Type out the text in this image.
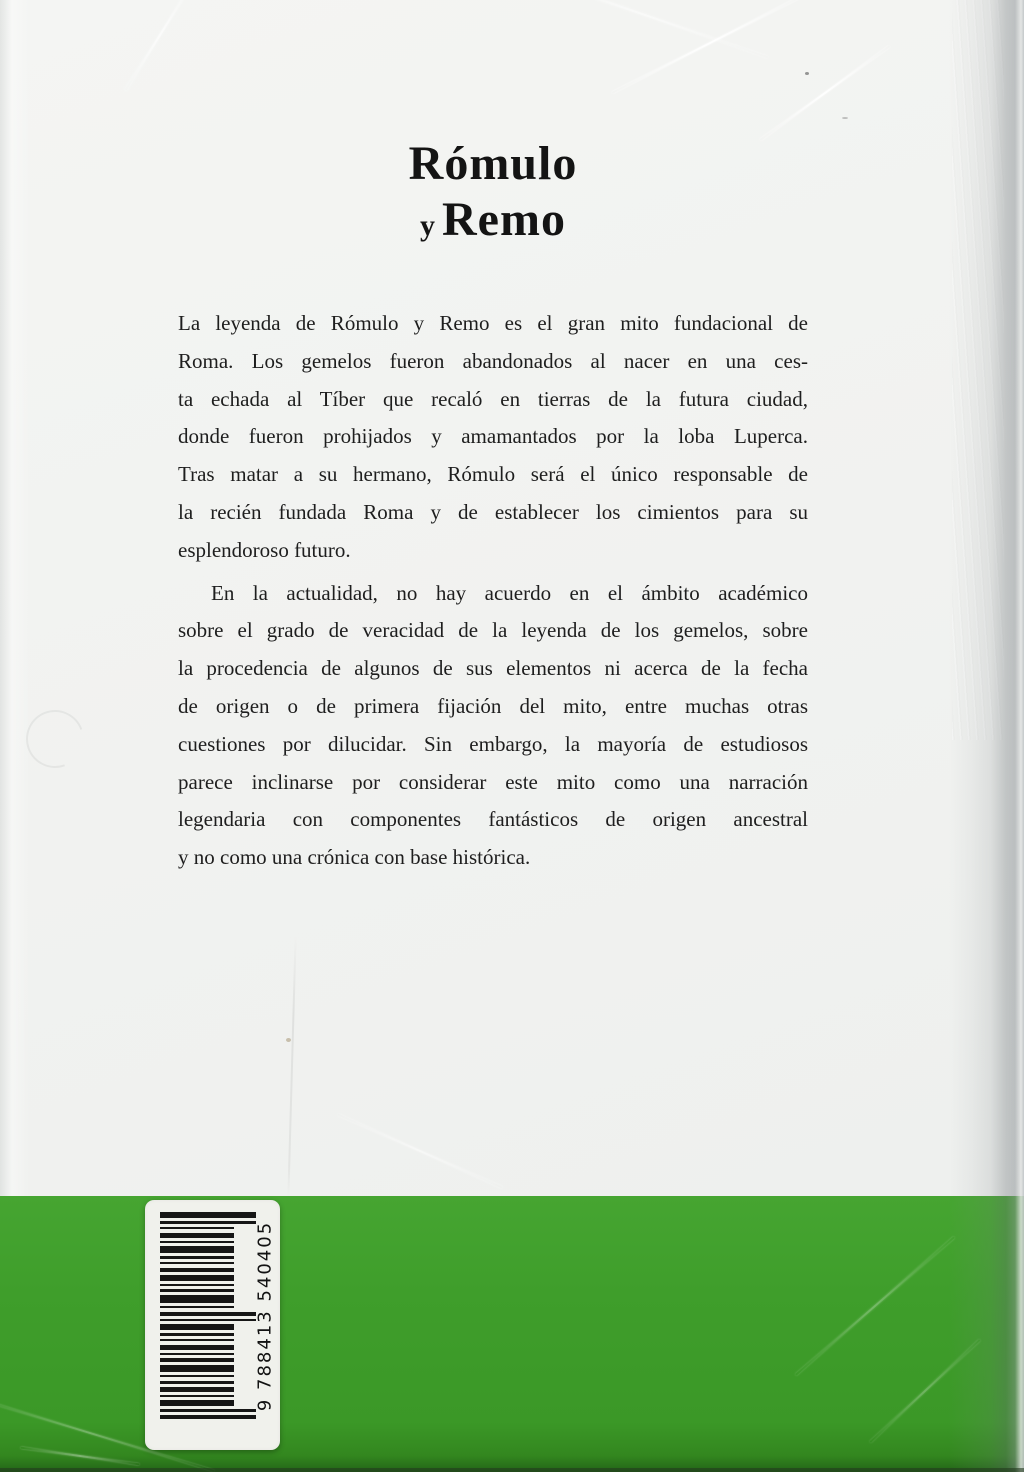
Rómulo
y Remo
La leyenda de Rómulo y Remo es el gran mito fundacional de
Roma. Los gemelos fueron abandonados al nacer en una ces-
ta echada al Tíber que recaló en tierras de la futura ciudad,
donde fueron prohijados y amamantados por la loba Luperca.
Tras matar a su hermano, Rómulo será el único responsable de
la recién fundada Roma y de establecer los cimientos para su
esplendoroso futuro.
En la actualidad, no hay acuerdo en el ámbito académico
sobre el grado de veracidad de la leyenda de los gemelos, sobre
la procedencia de algunos de sus elementos ni acerca de la fecha
de origen o de primera fijación del mito, entre muchas otras
cuestiones por dilucidar. Sin embargo, la mayoría de estudiosos
parece inclinarse por considerar este mito como una narración
legendaria con componentes fantásticos de origen ancestral
y no como una crónica con base histórica.
9 788413 540405
